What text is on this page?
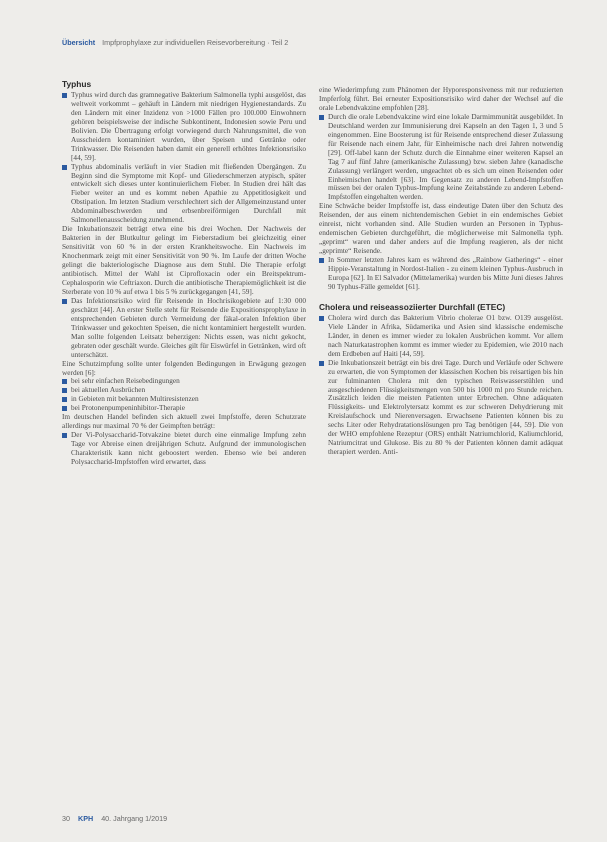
Übersicht Impfprophylaxe zur individuellen Reisevorbereitung · Teil 2
Typhus

Typhus wird durch das gramnegative Bakterium Salmonella typhi ausgelöst, das weltweit vorkommt – gehäuft in Ländern mit niedrigen Hygienestandards. Zu den Ländern mit einer Inzidenz von >1000 Fällen pro 100.000 Einwohnern gehören beispielsweise der indische Subkontinent, Indonesien sowie Peru und Bolivien. Die Übertragung erfolgt vorwiegend durch Nahrungsmittel, die von Ausscheidern kontaminiert wurden, über Speisen und Getränke oder Trinkwasser. Die Reisenden haben damit ein generell erhöhtes Infektionsrisiko [44, 59].

Typhus abdominalis verläuft in vier Stadien mit fließenden Übergängen. Zu Beginn sind die Symptome mit Kopf- und Gliederschmerzen atypisch, später entwickelt sich dieses unter kontinuierlichem Fieber. In Studien drei hält das Fieber weiter an und es kommt neben Apathie zu Appetitlosigkeit und Obstipation. Im letzten Stadium verschlechtert sich der Allgemeinzustand unter Abdominalbeschwerden und erbsenbreiförmigen Durchfall mit Salmonellenausscheidung zunehmend.

Die Inkubationszeit beträgt etwa eine bis drei Wochen. Der Nachweis der Bakterien in der Blutkultur gelingt im Fieberstadium bei gleichzeitig einer Sensitivität von 60 % in der ersten Krankheitswoche. Ein Nachweis im Knochenmark zeigt mit einer Sensitivität von 90 %. Im Laufe der dritten Woche gelingt die bakteriologische Diagnose aus dem Stuhl. Die Therapie erfolgt antibiotisch. Mittel der Wahl ist Ciprofloxacin oder ein Breitspektrum-Cephalosporin wie Ceftriaxon. Durch die antibiotische Therapiemöglichkeit ist die Sterberate von 10 % auf etwa 1 bis 5 % zurückgegangen [41, 59].

Das Infektionsrisiko wird für Reisende in Hochrisikogebiete auf 1:30 000 geschätzt [44]. An erster Stelle steht für Reisende die Expositionsprophylaxe in entsprechenden Gebieten durch Vermeidung der fäkal-oralen Infektion über Trinkwasser und gekochten Speisen, die nicht kontaminiert hergestellt wurden. Man sollte folgenden Leitsatz beherzigen: Nichts essen, was nicht gekocht, gebraten oder geschält wurde. Gleiches gilt für Eiswürfel in Getränken, wird oft unterschätzt.

Eine Schutzimpfung sollte unter folgenden Bedingungen in Erwägung gezogen werden [6]:

bei sehr einfachen Reisebedingungen
bei aktuellen Ausbrüchen
in Gebieten mit bekannten Multiresistenzen
bei Protonenpumpeninhibitor-Therapie

Im deutschen Handel befinden sich aktuell zwei Impfstoffe, deren Schutzrate allerdings nur maximal 70 % der Geimpften beträgt:

Der Vi-Polysaccharid-Totvakzine bietet durch eine einmalige Impfung zehn Tage vor Abreise einen dreijährigen Schutz. Aufgrund der immunologischen Charakteristik kann nicht geboostert werden. Ebenso wie bei anderen Polysaccharid-Impfstoffen wird erwartet, dass

eine Wiederimpfung zum Phänomen der Hyporesponsiveness mit nur reduzierten Impferfolg führt. Bei erneuter Expositionsrisiko wird daher der Wechsel auf die orale Lebendvakzine empfohlen [28].

Durch die orale Lebendvakzine wird eine lokale Darmimmunität ausgebildet. In Deutschland werden zur Immunisierung drei Kapseln an den Tagen 1, 3 und 5 eingenommen. Eine Boosterung ist für Reisende entsprechend dieser Zulassung für Reisende nach einem Jahr, für Einheimische nach drei Jahren notwendig [29]. Off-label kann der Schutz durch die Einnahme einer weiteren Kapsel an Tag 7 auf fünf Jahre (amerikanische Zulassung) bzw. sieben Jahre (kanadische Zulassung) verlängert werden, ungeachtet ob es sich um einen Reisenden oder Einheimischen handelt [63]. Im Gegensatz zu anderen Lebend-Impfstoffen müssen bei der oralen Typhus-Impfung keine Zeitabstände zu anderen Lebend-Impfstoffen eingehalten werden.

Eine Schwäche beider Impfstoffe ist, dass eindeutige Daten über den Schutz des Reisenden, der aus einem nichtendemischen Gebiet in ein endemisches Gebiet einreist, nicht vorhanden sind. Alle Studien wurden an Personen in Typhus-endemischen Gebieten durchgeführt, die möglicherweise mit Salmonella typh. „geprimt“ waren und daher anders auf die Impfung reagieren, als der nicht „geprimte“ Reisende.

In Sommer letzten Jahres kam es während des „Rainbow Gatherings“ - einer Hippie-Veranstaltung in Nordost-Italien - zu einem kleinen Typhus-Ausbruch in Europa [62]. In El Salvador (Mittelamerika) wurden bis Mitte Juni dieses Jahres 90 Typhus-Fälle gemeldet [61].

Cholera und reiseassoziierter Durchfall (ETEC)

Cholera wird durch das Bakterium Vibrio cholerae O1 bzw. O139 ausgelöst. Viele Länder in Afrika, Südamerika und Asien sind klassische endemische Länder, in denen es immer wieder zu lokalen Ausbrüchen kommt. Vor allem nach Naturkatastrophen kommt es immer wieder zu Epidemien, wie 2010 nach dem Erdbeben auf Haiti [44, 59].

Die Inkubationszeit beträgt ein bis drei Tage. Durch und Verläufe oder Schwere zu erwarten, die von Symptomen der klassischen Kochen bis reisartigen bis hin zur fulminanten Cholera mit den typischen Reiswasserstühlen und ausgeschiedenen Flüssigkeitsmengen von 500 bis 1000 ml pro Stunde reichen. Zusätzlich leiden die meisten Patienten unter Erbrechen. Ohne adäquaten Flüssigkeits- und Elektrolytersatz kommt es zur schweren Dehydrierung mit Kreislaufschock und Nierenversagen. Erwachsene Patienten können bis zu sechs Liter oder Rehydratationslösungen pro Tag benötigen [44, 59]. Die von der WHO empfohlene Rezeptur (ORS) enthält Natriumchlorid, Kaliumchlorid, Natriumcitrat und Glukose. Bis zu 80 % der Patienten können damit adäquat therapiert werden. Anti-

30 KPH 40. Jahrgang 1/2019
